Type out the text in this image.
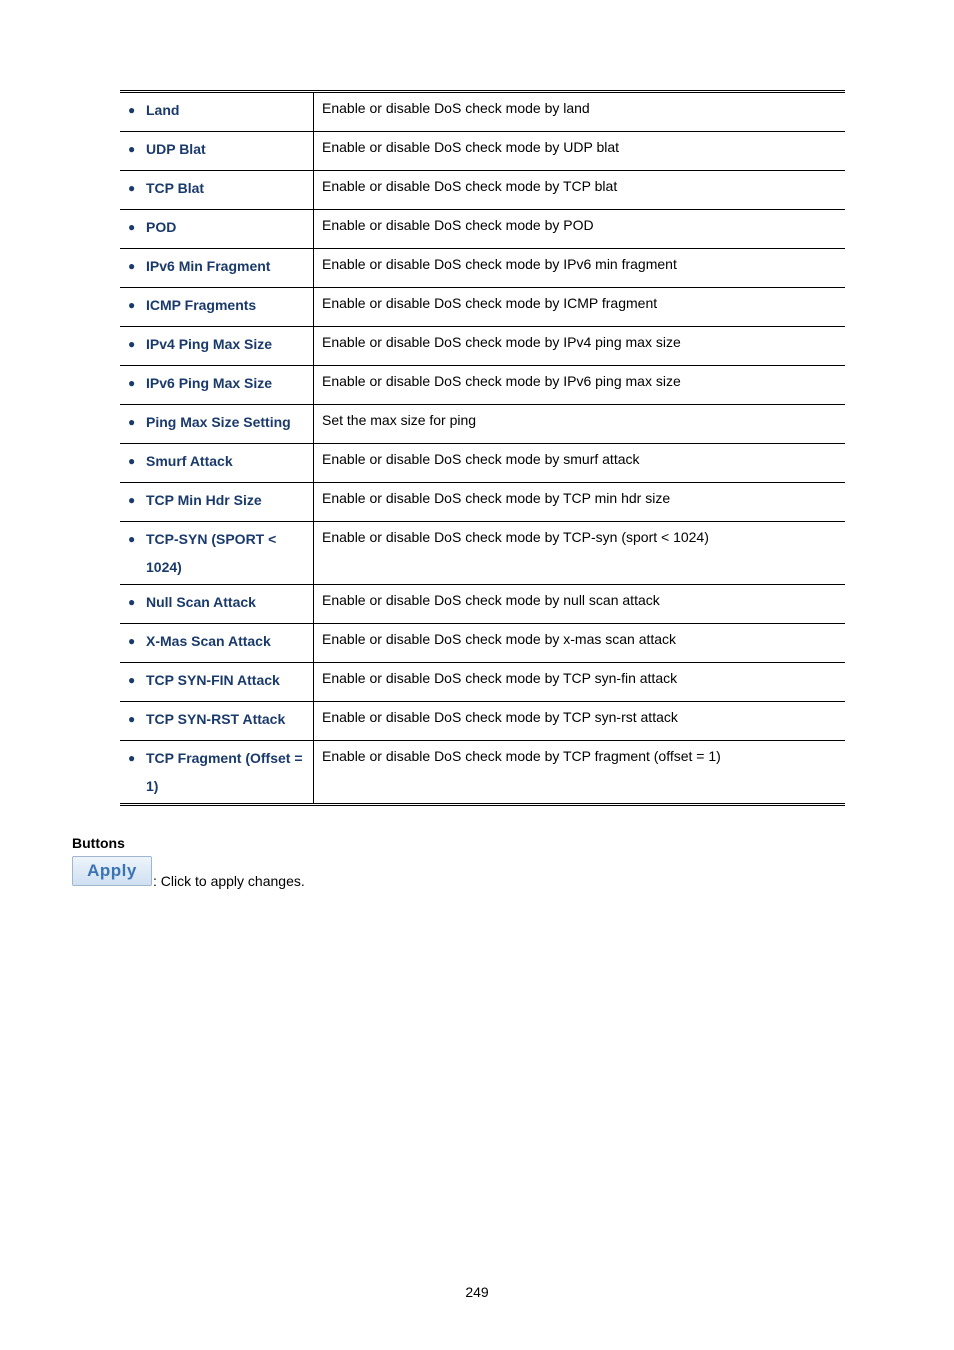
● Land	Enable or disable DoS check mode by land

● UDP Blat	Enable or disable DoS check mode by UDP blat

● TCP Blat	Enable or disable DoS check mode by TCP blat

● POD	Enable or disable DoS check mode by POD

● IPv6 Min Fragment	Enable or disable DoS check mode by IPv6 min fragment

● ICMP Fragments	Enable or disable DoS check mode by ICMP fragment

● IPv4 Ping Max Size	Enable or disable DoS check mode by IPv4 ping max size

● IPv6 Ping Max Size	Enable or disable DoS check mode by IPv6 ping max size

● Ping Max Size Setting	Set the max size for ping

● Smurf Attack	Enable or disable DoS check mode by smurf attack

● TCP Min Hdr Size	Enable or disable DoS check mode by TCP min hdr size

● TCP-SYN (SPORT < 1024)	Enable or disable DoS check mode by TCP-syn (sport < 1024)

● Null Scan Attack	Enable or disable DoS check mode by null scan attack

● X-Mas Scan Attack	Enable or disable DoS check mode by x-mas scan attack

● TCP SYN-FIN Attack	Enable or disable DoS check mode by TCP syn-fin attack

● TCP SYN-RST Attack	Enable or disable DoS check mode by TCP syn-rst attack

● TCP Fragment (Offset = 1)	Enable or disable DoS check mode by TCP fragment (offset = 1)
Buttons
Apply
: Click to apply changes.
249
